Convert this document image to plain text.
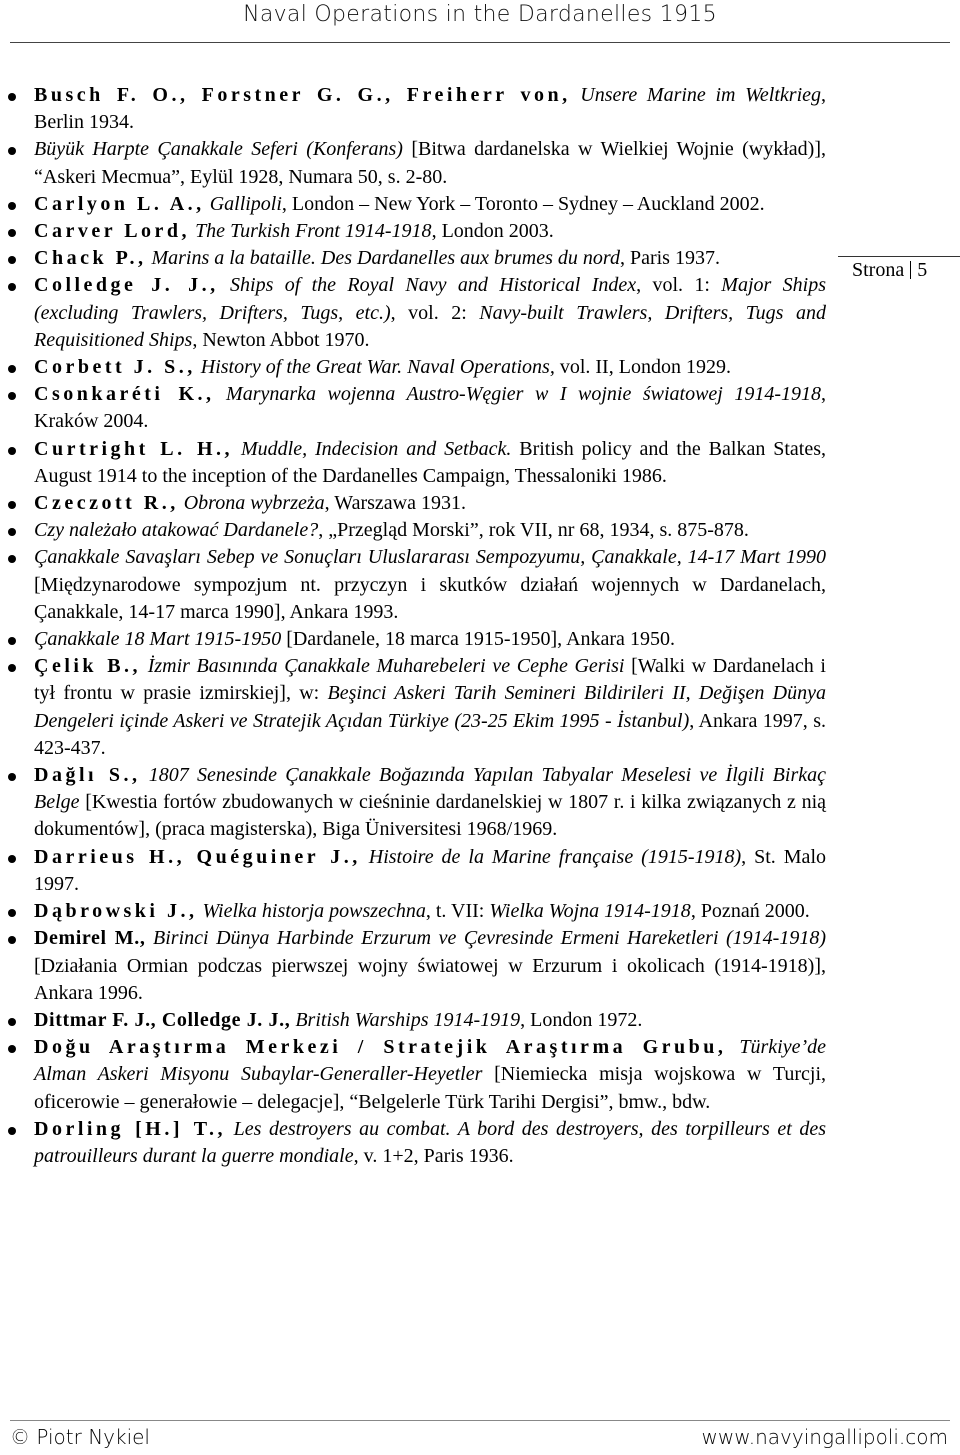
Naval Operations in the Dardanelles 1915
Strona 5
Busch F. O., Forstner G. G., Freiherr von, Unsere Marine im Weltkrieg, Berlin 1934.
Büyük Harpte Çanakkale Seferi (Konferans) [Bitwa dardanelska w Wielkiej Wojnie (wykład)], “Askeri Mecmua”, Eylül 1928, Numara 50, s. 2-80.
Carlyon L. A., Gallipoli, London – New York – Toronto – Sydney – Auckland 2002.
Carver Lord, The Turkish Front 1914-1918, London 2003.
Chack P., Marins a la bataille. Des Dardanelles aux brumes du nord, Paris 1937.
Colledge J. J., Ships of the Royal Navy and Historical Index, vol. 1: Major Ships (excluding Trawlers, Drifters, Tugs, etc.), vol. 2: Navy-built Trawlers, Drifters, Tugs and Requisitioned Ships, Newton Abbot 1970.
Corbett J. S., History of the Great War. Naval Operations, vol. II, London 1929.
Csonkaréti K., Marynarka wojenna Austro-Węgier w I wojnie światowej 1914-1918, Kraków 2004.
Curtright L. H., Muddle, Indecision and Setback. British policy and the Balkan States, August 1914 to the inception of the Dardanelles Campaign, Thessaloniki 1986.
Czeczott R., Obrona wybrzeża, Warszawa 1931.
Czy należało atakować Dardanele?, „Przegląd Morski”, rok VII, nr 68, 1934, s. 875-878.
Çanakkale Savaşları Sebep ve Sonuçları Uluslararası Sempozyumu, Çanakkale, 14-17 Mart 1990 [Międzynarodowe sympozjum nt. przyczyn i skutków działań wojennych w Dardanelach, Çanakkale, 14-17 marca 1990], Ankara 1993.
Çanakkale 18 Mart 1915-1950 [Dardanele, 18 marca 1915-1950], Ankara 1950.
Çelik B., İzmir Basınında Çanakkale Muharebeleri ve Cephe Gerisi [Walki w Dardanelach i tył frontu w prasie izmirskiej], w: Beşinci Askeri Tarih Semineri Bildirileri II, Değişen Dünya Dengeleri içinde Askeri ve Stratejik Açıdan Türkiye (23-25 Ekim 1995 - İstanbul), Ankara 1997, s. 423-437.
Dağlı S., 1807 Senesinde Çanakkale Boğazında Yapılan Tabyalar Meselesi ve İlgili Birkaç Belge [Kwestia fortów zbudowanych w cieśninie dardanelskiej w 1807 r. i kilka związanych z nią dokumentów], (praca magisterska), Biga Üniversitesi 1968/1969.
Darrieus H., Quéguiner J., Histoire de la Marine française (1915-1918), St. Malo 1997.
Dąbrowski J., Wielka historja powszechna, t. VII: Wielka Wojna 1914-1918, Poznań 2000.
Demirel M., Birinci Dünya Harbinde Erzurum ve Çevresinde Ermeni Hareketleri (1914-1918) [Działania Ormian podczas pierwszej wojny światowej w Erzurum i okolicach (1914-1918)], Ankara 1996.
Dittmar F. J., Colledge J. J., British Warships 1914-1919, London 1972.
Doğu Araştırma Merkezi / Stratejik Araştırma Grubu, Türkiye’de Alman Askeri Misyonu Subaylar-Generaller-Heyetler [Niemiecka misja wojskowa w Turcji, oficerowie – generałowie – delegacje], “Belgelerle Türk Tarihi Dergisi”, bmw., bdw.
Dorling [H.] T., Les destroyers au combat. A bord des destroyers, des torpilleurs et des patrouilleurs durant la guerre mondiale, v. 1+2, Paris 1936.
© Piotr Nykiel	www.navyingallipoli.com
